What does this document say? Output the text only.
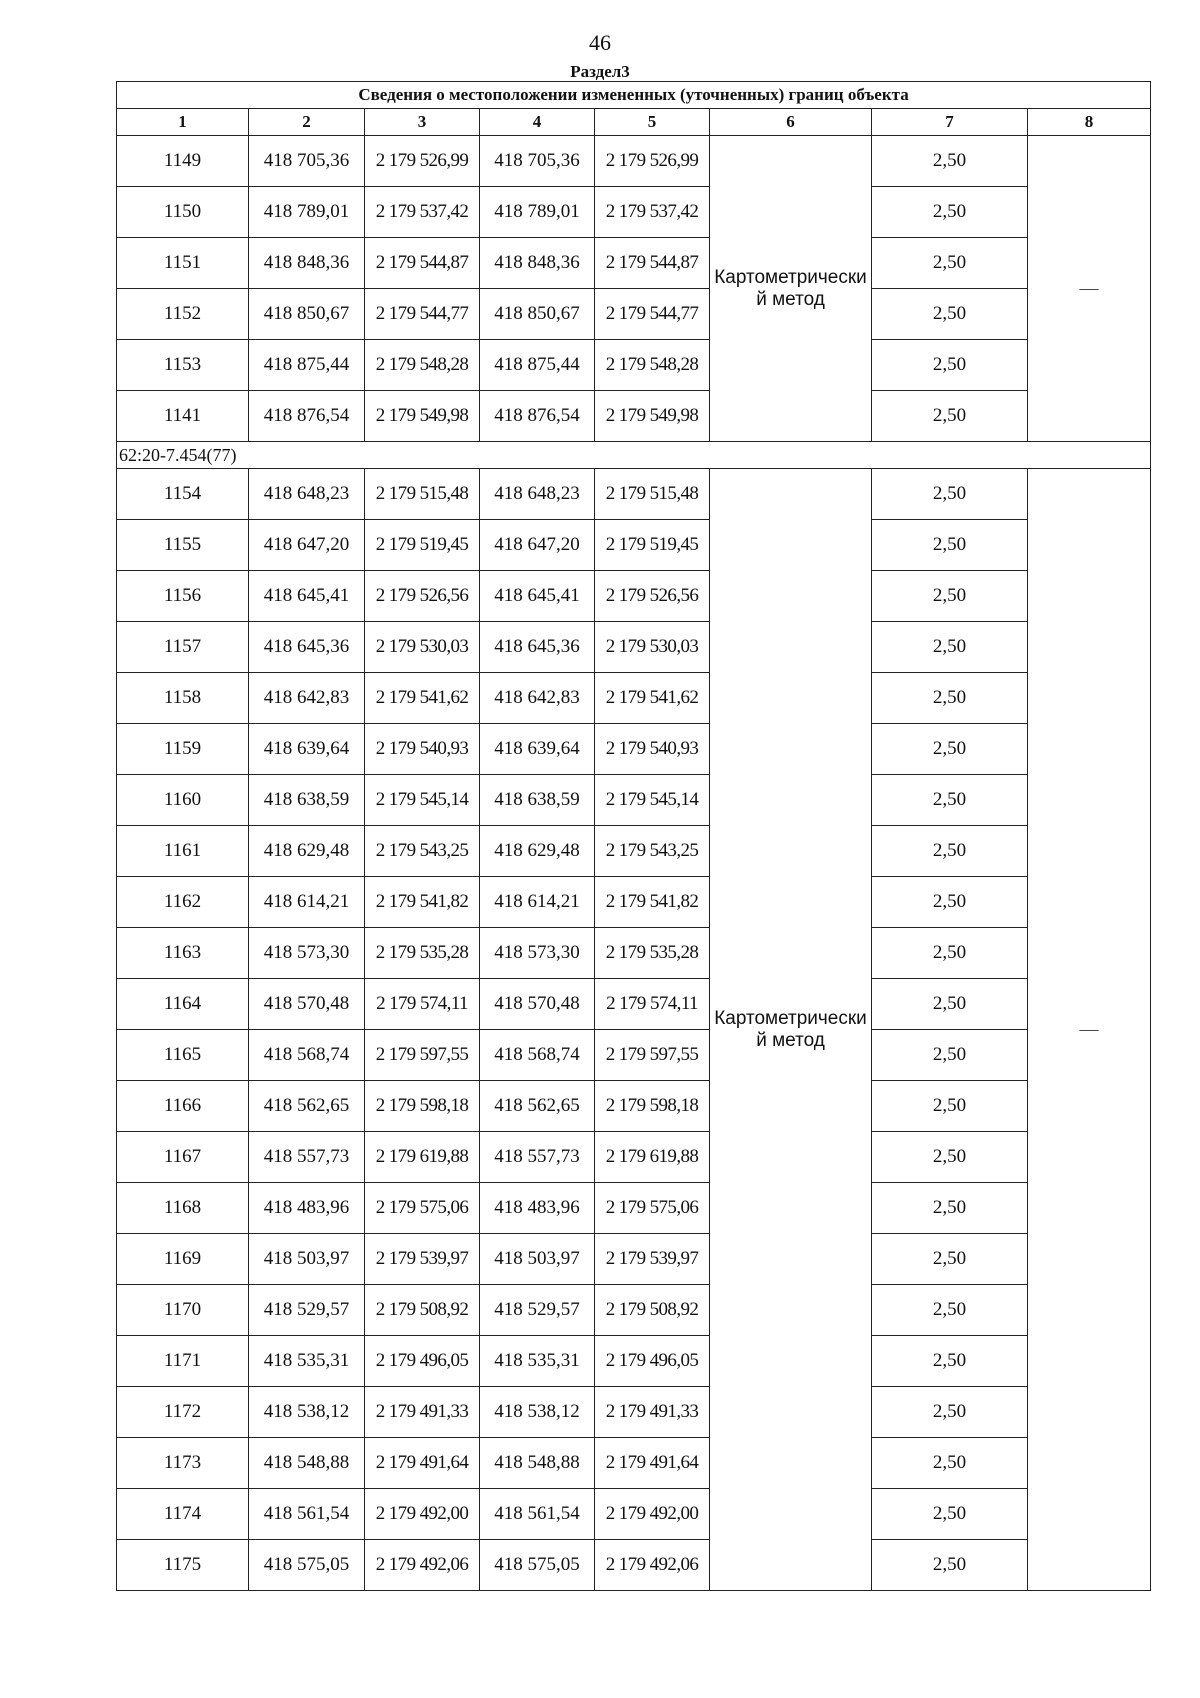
46
Раздел3
Сведения о местоположении измененных (уточненных) границ объекта							
1	2	3	4	5	6	7	8
1149	418 705,36	2 179 526,99	418 705,36	2 179 526,99	Картометрически й метод	2,50	—
1150	418 789,01	2 179 537,42	418 789,01	2 179 537,42		2,50	
1151	418 848,36	2 179 544,87	418 848,36	2 179 544,87		2,50	
1152	418 850,67	2 179 544,77	418 850,67	2 179 544,77		2,50	
1153	418 875,44	2 179 548,28	418 875,44	2 179 548,28		2,50	
1141	418 876,54	2 179 549,98	418 876,54	2 179 549,98		2,50	
62:20-7.454(77)							
1154	418 648,23	2 179 515,48	418 648,23	2 179 515,48	Картометрически й метод	2,50	—
1155	418 647,20	2 179 519,45	418 647,20	2 179 519,45		2,50	
1156	418 645,41	2 179 526,56	418 645,41	2 179 526,56		2,50	
1157	418 645,36	2 179 530,03	418 645,36	2 179 530,03		2,50	
1158	418 642,83	2 179 541,62	418 642,83	2 179 541,62		2,50	
1159	418 639,64	2 179 540,93	418 639,64	2 179 540,93		2,50	
1160	418 638,59	2 179 545,14	418 638,59	2 179 545,14		2,50	
1161	418 629,48	2 179 543,25	418 629,48	2 179 543,25		2,50	
1162	418 614,21	2 179 541,82	418 614,21	2 179 541,82		2,50	
1163	418 573,30	2 179 535,28	418 573,30	2 179 535,28		2,50	
1164	418 570,48	2 179 574,11	418 570,48	2 179 574,11		2,50	
1165	418 568,74	2 179 597,55	418 568,74	2 179 597,55		2,50	
1166	418 562,65	2 179 598,18	418 562,65	2 179 598,18		2,50	
1167	418 557,73	2 179 619,88	418 557,73	2 179 619,88		2,50	
1168	418 483,96	2 179 575,06	418 483,96	2 179 575,06		2,50	
1169	418 503,97	2 179 539,97	418 503,97	2 179 539,97		2,50	
1170	418 529,57	2 179 508,92	418 529,57	2 179 508,92		2,50	
1171	418 535,31	2 179 496,05	418 535,31	2 179 496,05		2,50	
1172	418 538,12	2 179 491,33	418 538,12	2 179 491,33		2,50	
1173	418 548,88	2 179 491,64	418 548,88	2 179 491,64		2,50	
1174	418 561,54	2 179 492,00	418 561,54	2 179 492,00		2,50	
1175	418 575,05	2 179 492,06	418 575,05	2 179 492,06		2,50	
